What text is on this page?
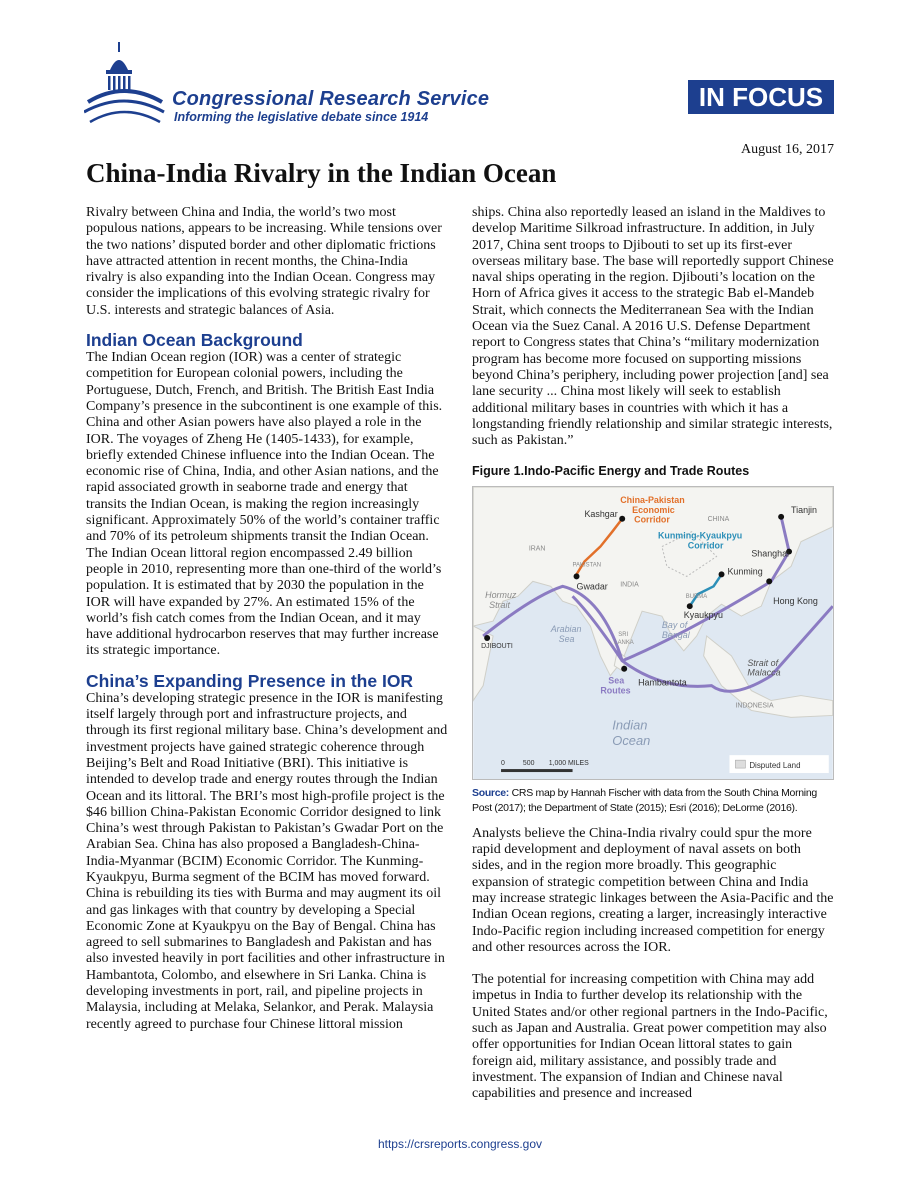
Congressional Research Service
Informing the legislative debate since 1914
IN FOCUS
August 16, 2017
China-India Rivalry in the Indian Ocean

Rivalry between China and India, the world’s two most populous nations, appears to be increasing. While tensions over the two nations’ disputed border and other diplomatic frictions have attracted attention in recent months, the China-India rivalry is also expanding into the Indian Ocean. Congress may consider the implications of this evolving strategic rivalry for U.S. interests and strategic balances of Asia.

Indian Ocean Background

The Indian Ocean region (IOR) was a center of strategic competition for European colonial powers, including the Portuguese, Dutch, French, and British. The British East India Company’s presence in the subcontinent is one example of this. China and other Asian powers have also played a role in the IOR. The voyages of Zheng He (1405-1433), for example, briefly extended Chinese influence into the Indian Ocean. The economic rise of China, India, and other Asian nations, and the rapid associated growth in seaborne trade and energy that transits the Indian Ocean, is making the region increasingly significant. Approximately 50% of the world’s container traffic and 70% of its petroleum shipments transit the Indian Ocean. The Indian Ocean littoral region encompassed 2.49 billion people in 2010, representing more than one-third of the world’s population. It is estimated that by 2030 the population in the IOR will have expanded by 27%. An estimated 15% of the world’s fish catch comes from the Indian Ocean, and it may have additional hydrocarbon reserves that may further increase its strategic importance.

China’s Expanding Presence in the IOR

China’s developing strategic presence in the IOR is manifesting itself largely through port and infrastructure projects, and through its first regional military base. China’s development and investment projects have gained strategic coherence through Beijing’s Belt and Road Initiative (BRI). This initiative is intended to develop trade and energy routes through the Indian Ocean and its littoral. The BRI’s most high-profile project is the $46 billion China-Pakistan Economic Corridor designed to link China’s west through Pakistan to Pakistan’s Gwadar Port on the Arabian Sea. China has also proposed a Bangladesh-China-India-Myanmar (BCIM) Economic Corridor. The Kunming-Kyaukpyu, Burma segment of the BCIM has moved forward. China is rebuilding its ties with Burma and may augment its oil and gas linkages with that country by developing a Special Economic Zone at Kyaukpyu on the Bay of Bengal. China has agreed to sell submarines to Bangladesh and Pakistan and has also invested heavily in port facilities and other infrastructure in Hambantota, Colombo, and elsewhere in Sri Lanka. China is developing investments in port, rail, and pipeline projects in Malaysia, including at Melaka, Selankor, and Perak. Malaysia recently agreed to purchase four Chinese littoral mission

ships. China also reportedly leased an island in the Maldives to develop Maritime Silkroad infrastructure. In addition, in July 2017, China sent troops to Djibouti to set up its first-ever overseas military base. The base will reportedly support Chinese naval ships operating in the region. Djibouti’s location on the Horn of Africa gives it access to the strategic Bab el-Mandeb Strait, which connects the Mediterranean Sea with the Indian Ocean via the Suez Canal. A 2016 U.S. Defense Department report to Congress states that China’s “military modernization program has become more focused on supporting missions beyond China’s periphery, including power projection [and] sea lane security ... China most likely will seek to establish additional military bases in countries with which it has a longstanding friendly relationship and similar strategic interests, such as Pakistan.”

Figure 1.Indo-Pacific Energy and Trade Routes
China-Pakistan
Economic
Corridor
Kunming-Kyaukpyu
Corridor
CHINA
IRAN
PAKISTAN
INDIA
BURMA
INDONESIA
Kashgar	Tianjin
Shanghai
Kunming
Gwadar
Hong Kong
Kyaukpyu
Hormuz
Strait
DJIBOUTI
Arabian
Sea	SRI
LANKA
Bay of
Bengal
Hambantota
Strait of
Malacca
Sea
Routes
Indian
Ocean
0	500 1,000 MILES	Disputed Land
Source: CRS map by Hannah Fischer with data from the South China Morning Post (2017); the Department of State (2015); Esri (2016); DeLorme (2016).

Analysts believe the China-India rivalry could spur the more rapid development and deployment of naval assets on both sides, and in the region more broadly. This geographic expansion of strategic competition between China and India may increase strategic linkages between the Asia-Pacific and the Indian Ocean regions, creating a larger, increasingly interactive Indo-Pacific region including increased competition for energy and other resources across the IOR.

The potential for increasing competition with China may add impetus in India to further develop its relationship with the United States and/or other regional partners in the Indo-Pacific, such as Japan and Australia. Great power competition may also offer opportunities for Indian Ocean littoral states to gain foreign aid, military assistance, and possibly trade and investment. The expansion of Indian and Chinese naval capabilities and presence and increased

https://crsreports.congress.gov
